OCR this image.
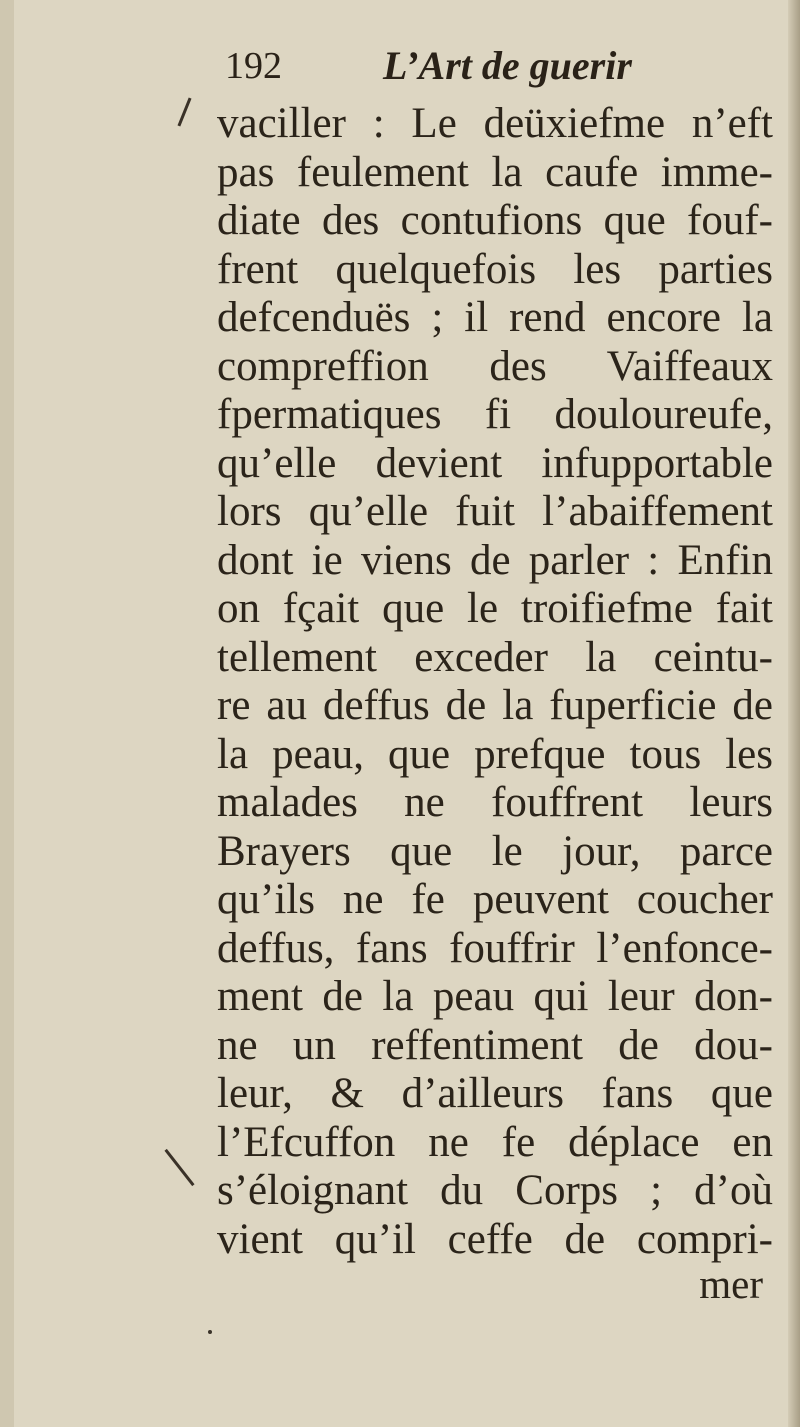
192	L’Art de guerir
vaciller : Le deüxiefme n’eft
pas feulement la caufe imme-
diate des contufions que fouf-
frent quelquefois les parties
defcenduës ; il rend encore la
compreffion des Vaiffeaux
fpermatiques fi douloureufe,
qu’elle devient infupportable
lors qu’elle fuit l’abaiffement
dont ie viens de parler : Enfin
on fçait que le troifiefme fait
tellement exceder la ceintu-
re au deffus de la fuperficie de
la peau, que prefque tous les
malades ne fouffrent leurs
Brayers que le jour, parce
qu’ils ne fe peuvent coucher
deffus, fans fouffrir l’enfonce-
ment de la peau qui leur don-
ne un reffentiment de dou-
leur, & d’ailleurs fans que
l’Efcuffon ne fe déplace en
s’éloignant du Corps ; d’où
vient qu’il ceffe de compri-
mer
